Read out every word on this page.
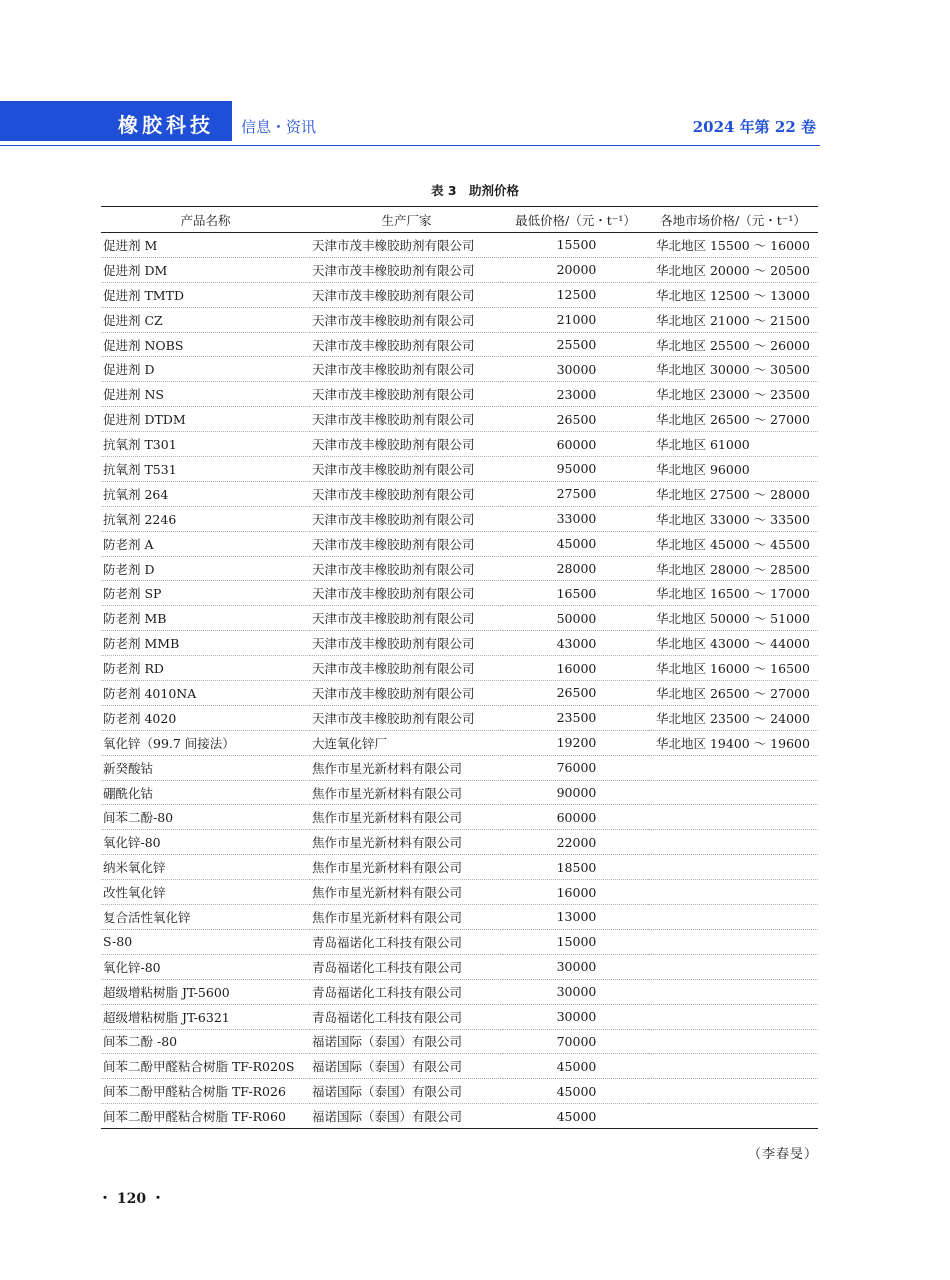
橡胶科技 信息・资讯	2024 年第 22 卷
表 3　助剂价格
产品名称	生产厂家	最低价格/（元・t⁻¹）	各地市场价格/（元・t⁻¹）
促进剂 M	天津市茂丰橡胶助剂有限公司	15500	华北地区 15500 ～ 16000
促进剂 DM	天津市茂丰橡胶助剂有限公司	20000	华北地区 20000 ～ 20500
促进剂 TMTD	天津市茂丰橡胶助剂有限公司	12500	华北地区 12500 ～ 13000
促进剂 CZ	天津市茂丰橡胶助剂有限公司	21000	华北地区 21000 ～ 21500
促进剂 NOBS	天津市茂丰橡胶助剂有限公司	25500	华北地区 25500 ～ 26000
促进剂 D	天津市茂丰橡胶助剂有限公司	30000	华北地区 30000 ～ 30500
促进剂 NS	天津市茂丰橡胶助剂有限公司	23000	华北地区 23000 ～ 23500
促进剂 DTDM	天津市茂丰橡胶助剂有限公司	26500	华北地区 26500 ～ 27000
抗氧剂 T301	天津市茂丰橡胶助剂有限公司	60000	华北地区 61000
抗氧剂 T531	天津市茂丰橡胶助剂有限公司	95000	华北地区 96000
抗氧剂 264	天津市茂丰橡胶助剂有限公司	27500	华北地区 27500 ～ 28000
抗氧剂 2246	天津市茂丰橡胶助剂有限公司	33000	华北地区 33000 ～ 33500
防老剂 A	天津市茂丰橡胶助剂有限公司	45000	华北地区 45000 ～ 45500
防老剂 D	天津市茂丰橡胶助剂有限公司	28000	华北地区 28000 ～ 28500
防老剂 SP	天津市茂丰橡胶助剂有限公司	16500	华北地区 16500 ～ 17000
防老剂 MB	天津市茂丰橡胶助剂有限公司	50000	华北地区 50000 ～ 51000
防老剂 MMB	天津市茂丰橡胶助剂有限公司	43000	华北地区 43000 ～ 44000
防老剂 RD	天津市茂丰橡胶助剂有限公司	16000	华北地区 16000 ～ 16500
防老剂 4010NA	天津市茂丰橡胶助剂有限公司	26500	华北地区 26500 ～ 27000
防老剂 4020	天津市茂丰橡胶助剂有限公司	23500	华北地区 23500 ～ 24000
氧化锌（99.7 间接法）	大连氧化锌厂	19200	华北地区 19400 ～ 19600
新癸酸钴	焦作市星光新材料有限公司	76000	
硼酰化钴	焦作市星光新材料有限公司	90000	
间苯二酚-80	焦作市星光新材料有限公司	60000	
氧化锌-80	焦作市星光新材料有限公司	22000	
纳米氧化锌	焦作市星光新材料有限公司	18500	
改性氧化锌	焦作市星光新材料有限公司	16000	
复合活性氧化锌	焦作市星光新材料有限公司	13000	
S-80	青岛福诺化工科技有限公司	15000	
氧化锌-80	青岛福诺化工科技有限公司	30000	
超级增粘树脂 JT-5600	青岛福诺化工科技有限公司	30000	
超级增粘树脂 JT-6321	青岛福诺化工科技有限公司	30000	
间苯二酚 -80	福诺国际（泰国）有限公司	70000	
间苯二酚甲醛粘合树脂 TF-R020S	福诺国际（泰国）有限公司	45000	
间苯二酚甲醛粘合树脂 TF-R026	福诺国际（泰国）有限公司	45000	
间苯二酚甲醛粘合树脂 TF-R060	福诺国际（泰国）有限公司	45000	
（李春旻）
・ 120 ・
